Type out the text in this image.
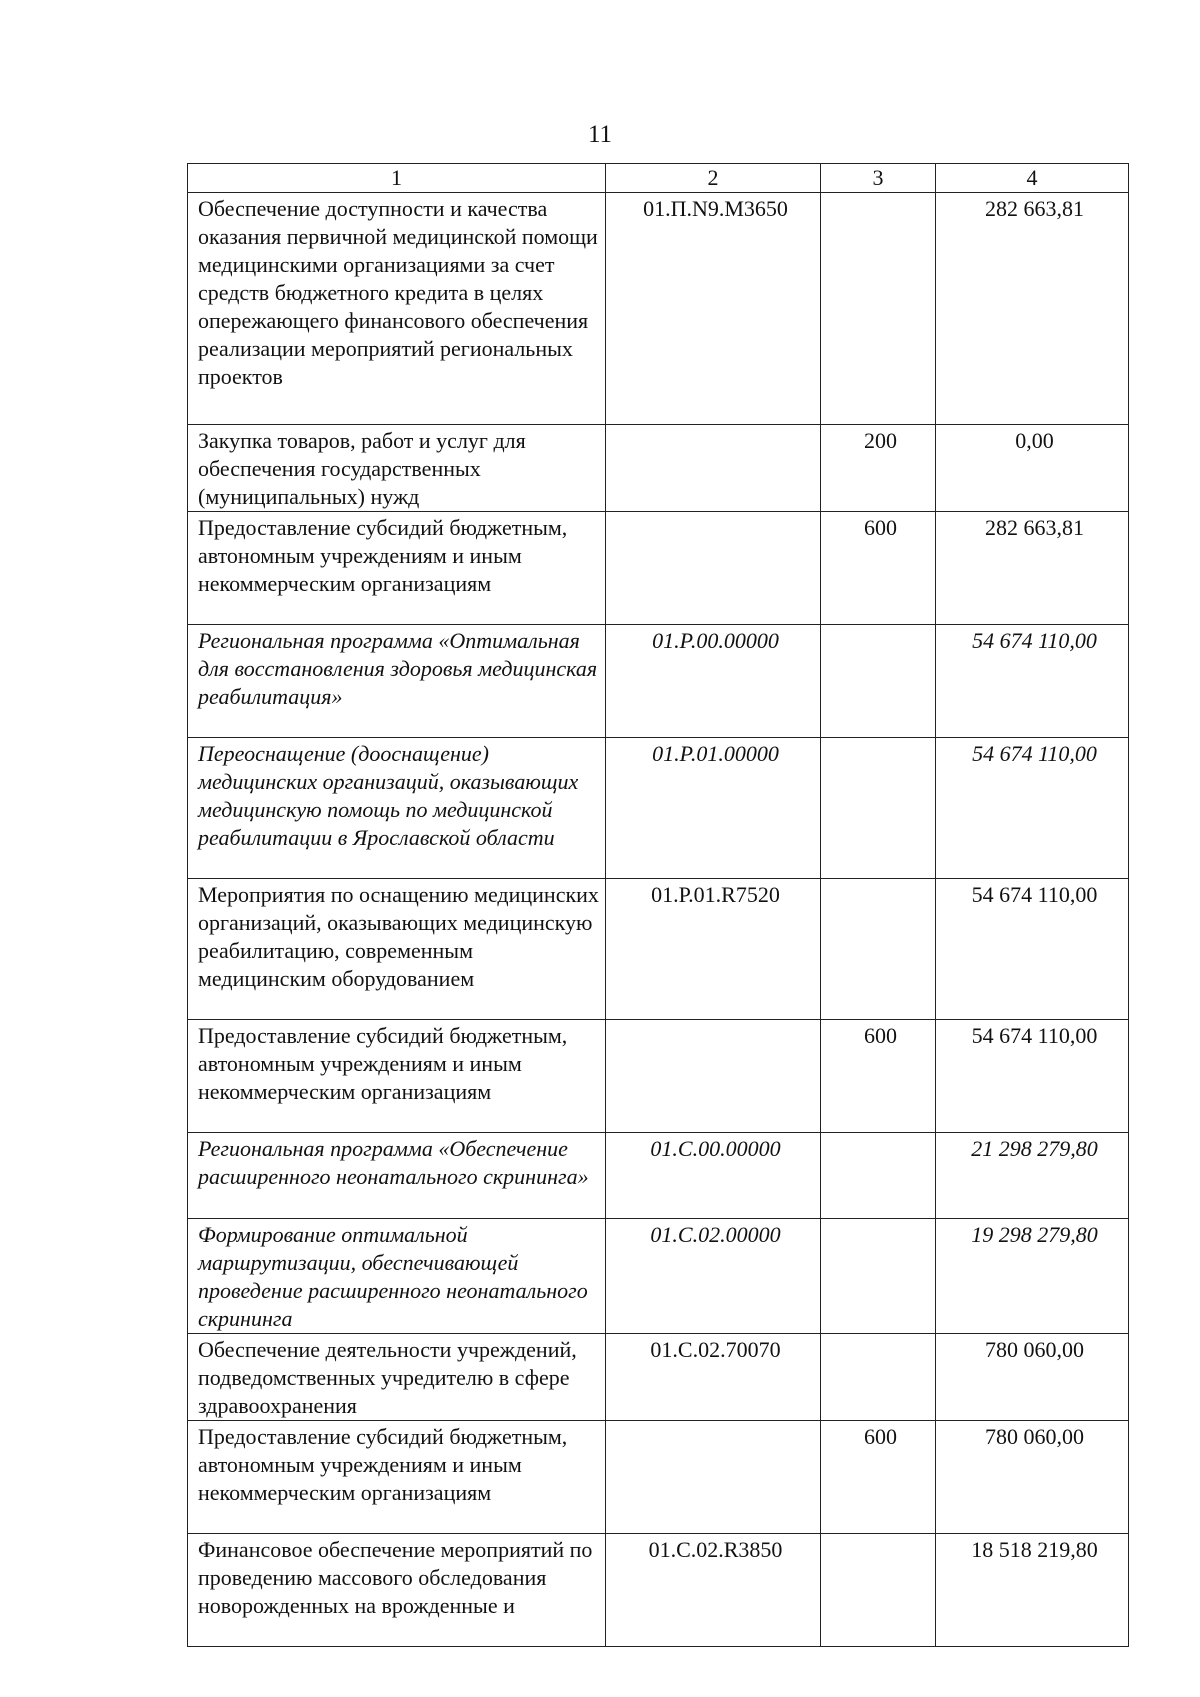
11
1	2	3	4
Обеспечение доступности и качества оказания первичной медицинской помощи медицинскими организациями за счет средств бюджетного кредита в целях опережающего финансового обеспечения реализации мероприятий региональных проектов	01.П.N9.М3650		282 663,81
Закупка товаров, работ и услуг для обеспечения государственных (муниципальных) нужд		200	0,00
Предоставление субсидий бюджетным, автономным учреждениям и иным некоммерческим организациям		600	282 663,81
Региональная программа «Оптимальная для восстановления здоровья медицинская реабилитация»	01.Р.00.00000		54 674 110,00
Переоснащение (дооснащение) медицинских организаций, оказывающих медицинскую помощь по медицинской реабилитации в Ярославской области	01.Р.01.00000		54 674 110,00
Мероприятия по оснащению медицинских организаций, оказывающих медицинскую реабилитацию, современным медицинским оборудованием	01.Р.01.R7520		54 674 110,00
Предоставление субсидий бюджетным, автономным учреждениям и иным некоммерческим организациям		600	54 674 110,00
Региональная программа «Обеспечение расширенного неонатального скрининга»	01.С.00.00000		21 298 279,80
Формирование оптимальной маршрутизации, обеспечивающей проведение расширенного неонатального скрининга	01.С.02.00000		19 298 279,80
Обеспечение деятельности учреждений, подведомственных учредителю в сфере здравоохранения	01.С.02.70070		780 060,00
Предоставление субсидий бюджетным, автономным учреждениям и иным некоммерческим организациям		600	780 060,00
Финансовое обеспечение мероприятий по проведению массового обследования новорожденных на врожденные и	01.С.02.R3850		18 518 219,80
